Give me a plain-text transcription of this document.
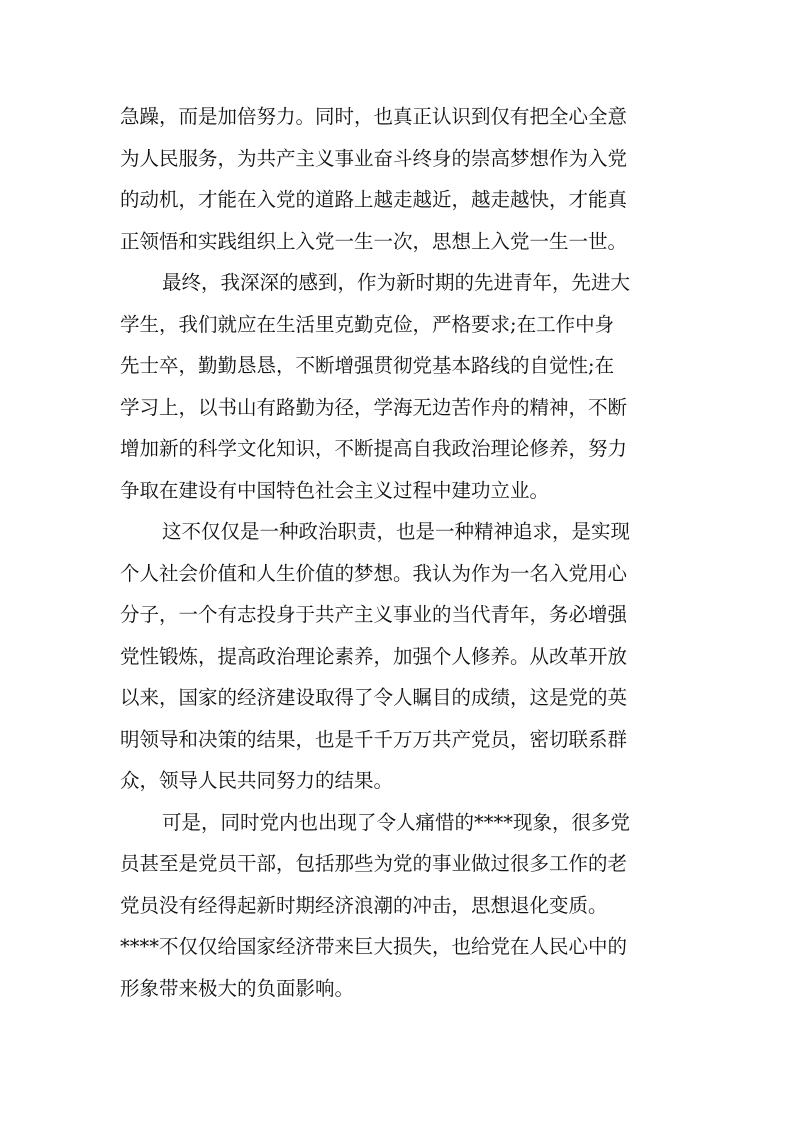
急躁，而是加倍努力。同时，也真正认识到仅有把全心全意
为人民服务，为共产主义事业奋斗终身的崇高梦想作为入党
的动机，才能在入党的道路上越走越近，越走越快，才能真
正领悟和实践组织上入党一生一次，思想上入党一生一世。
最终，我深深的感到，作为新时期的先进青年，先进大
学生，我们就应在生活里克勤克俭，严格要求;在工作中身
先士卒，勤勤恳恳，不断增强贯彻党基本路线的自觉性;在
学习上，以书山有路勤为径，学海无边苦作舟的精神，不断
增加新的科学文化知识，不断提高自我政治理论修养，努力
争取在建设有中国特色社会主义过程中建功立业。
这不仅仅是一种政治职责，也是一种精神追求，是实现
个人社会价值和人生价值的梦想。我认为作为一名入党用心
分子，一个有志投身于共产主义事业的当代青年，务必增强
党性锻炼，提高政治理论素养，加强个人修养。从改革开放
以来，国家的经济建设取得了令人瞩目的成绩，这是党的英
明领导和决策的结果，也是千千万万共产党员，密切联系群
众，领导人民共同努力的结果。
可是，同时党内也出现了令人痛惜的****现象，很多党
员甚至是党员干部，包括那些为党的事业做过很多工作的老
党员没有经得起新时期经济浪潮的冲击，思想退化变质。
****不仅仅给国家经济带来巨大损失，也给党在人民心中的
形象带来极大的负面影响。
